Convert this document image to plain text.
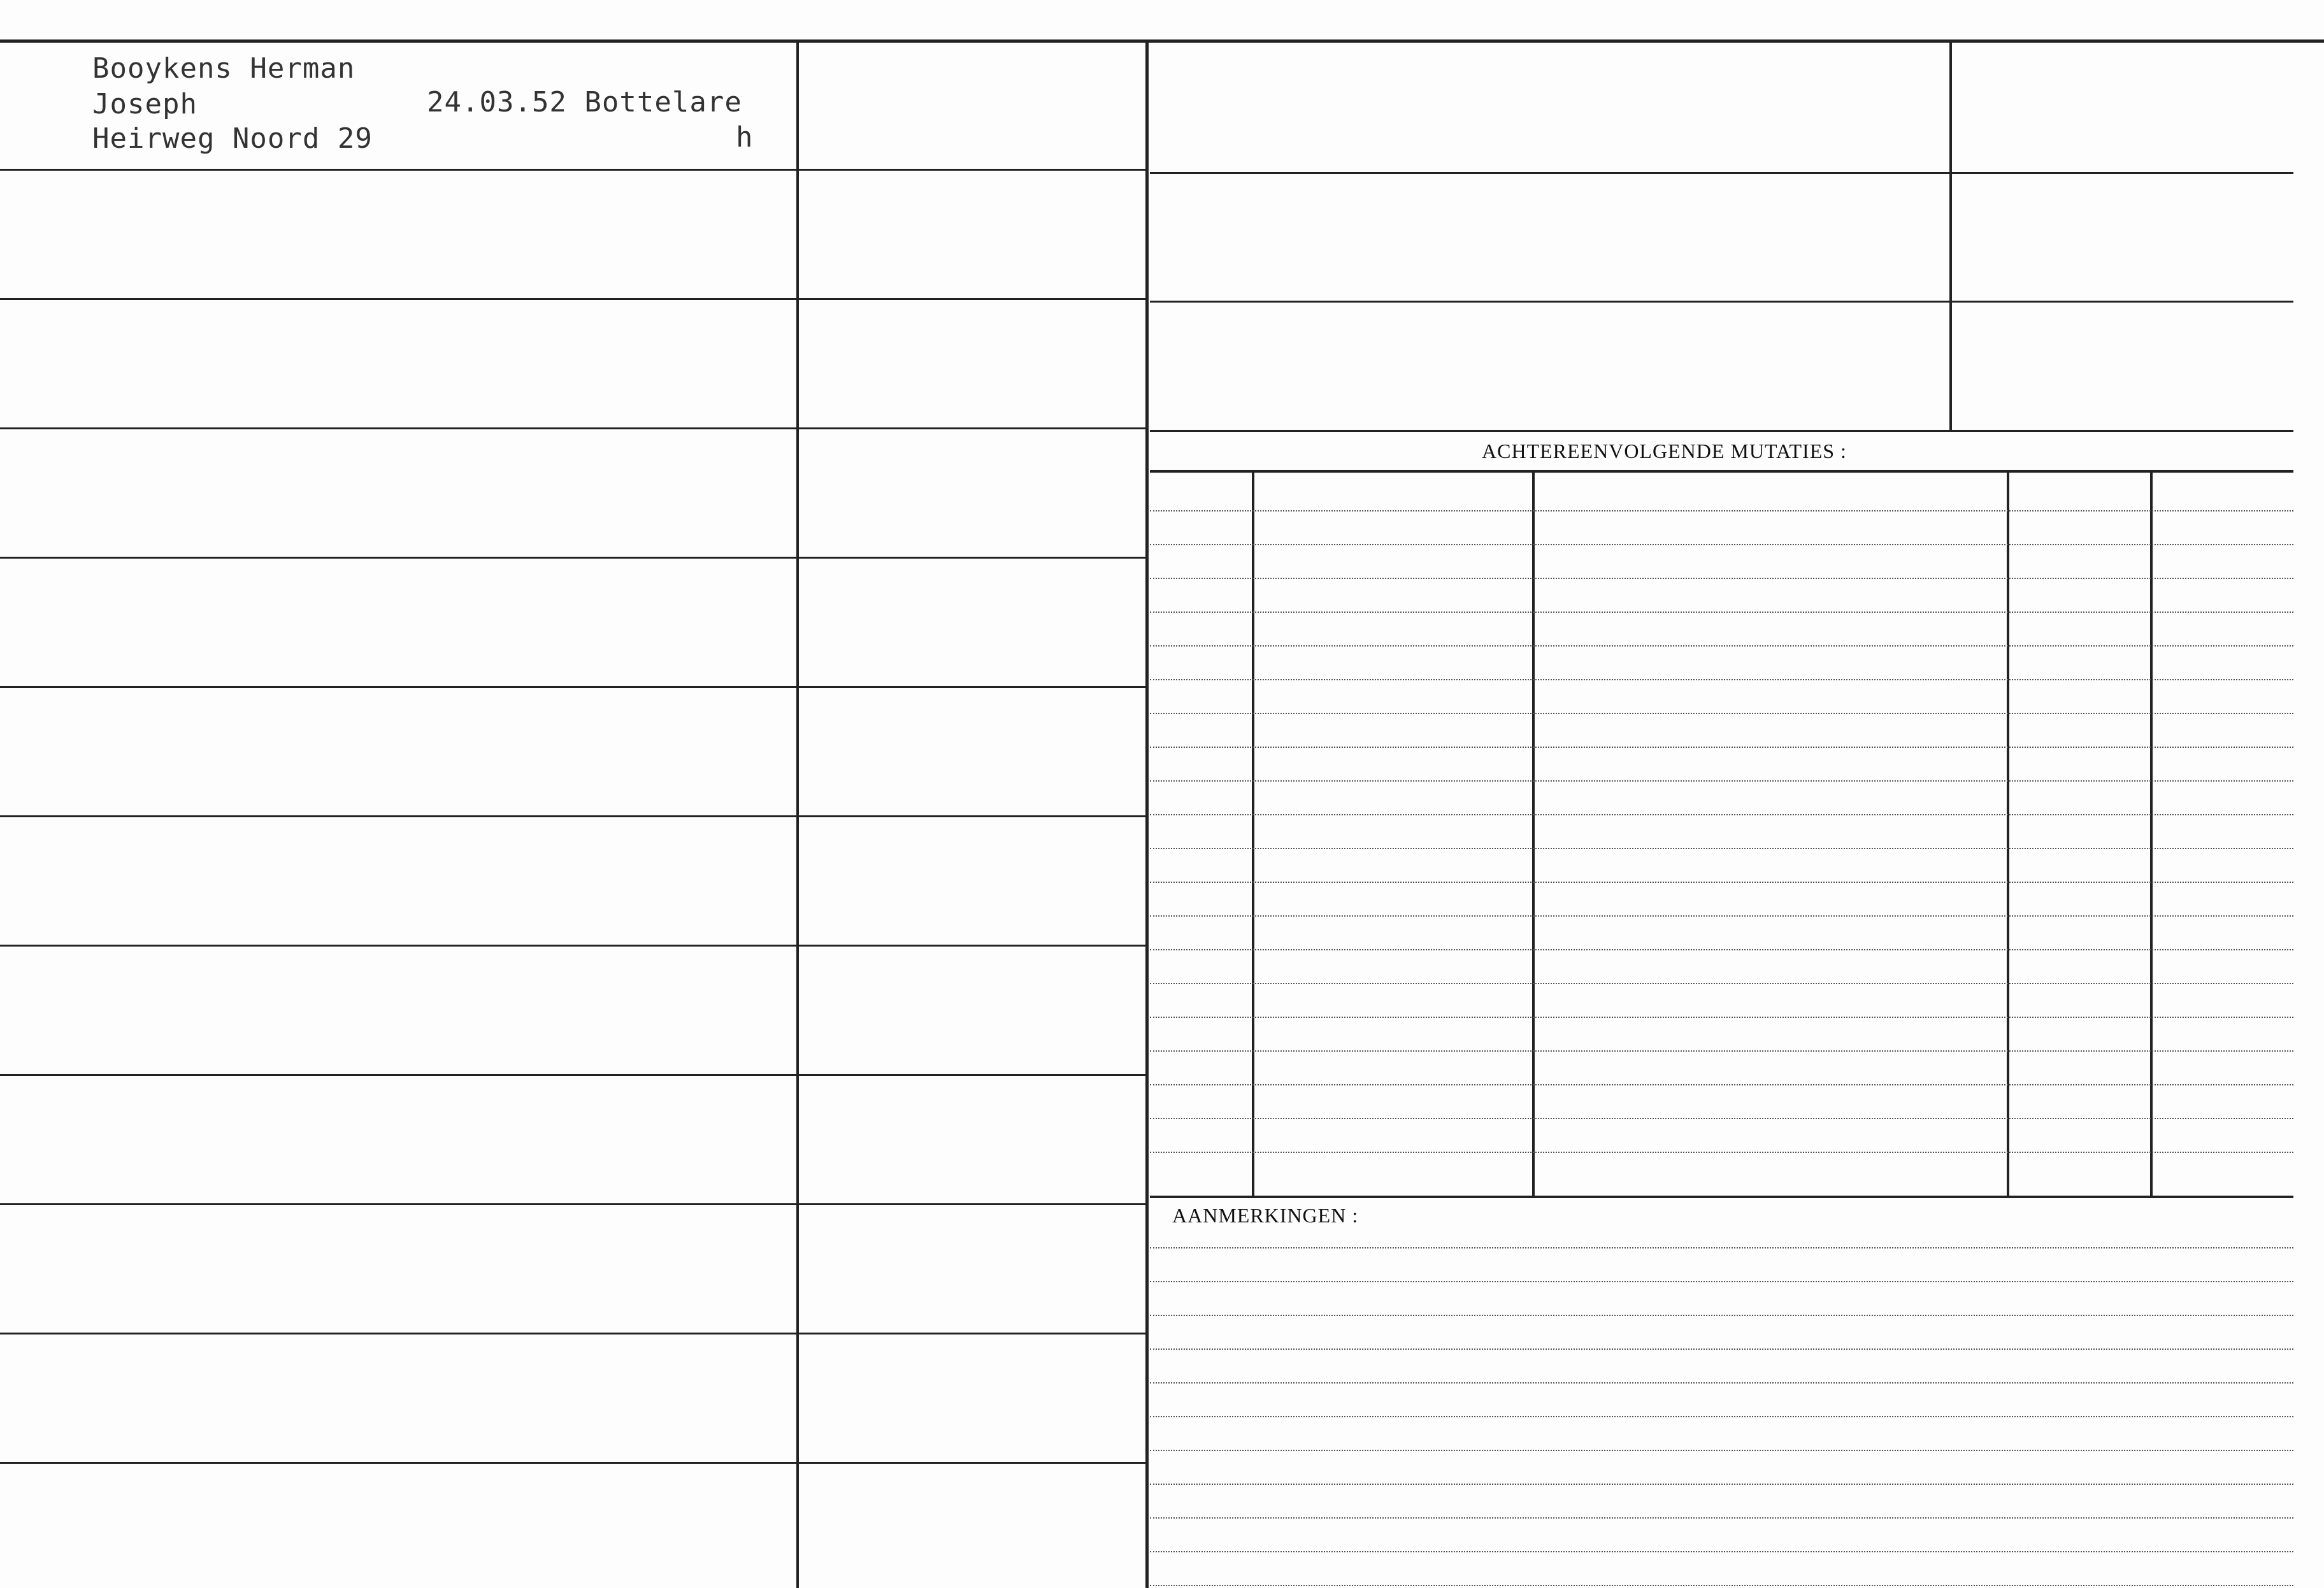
Booykens Herman
Joseph	24.03.52 Bottelare
Heirweg Noord 29	h
ACHTEREENVOLGENDE MUTATIES :
AANMERKINGEN :
